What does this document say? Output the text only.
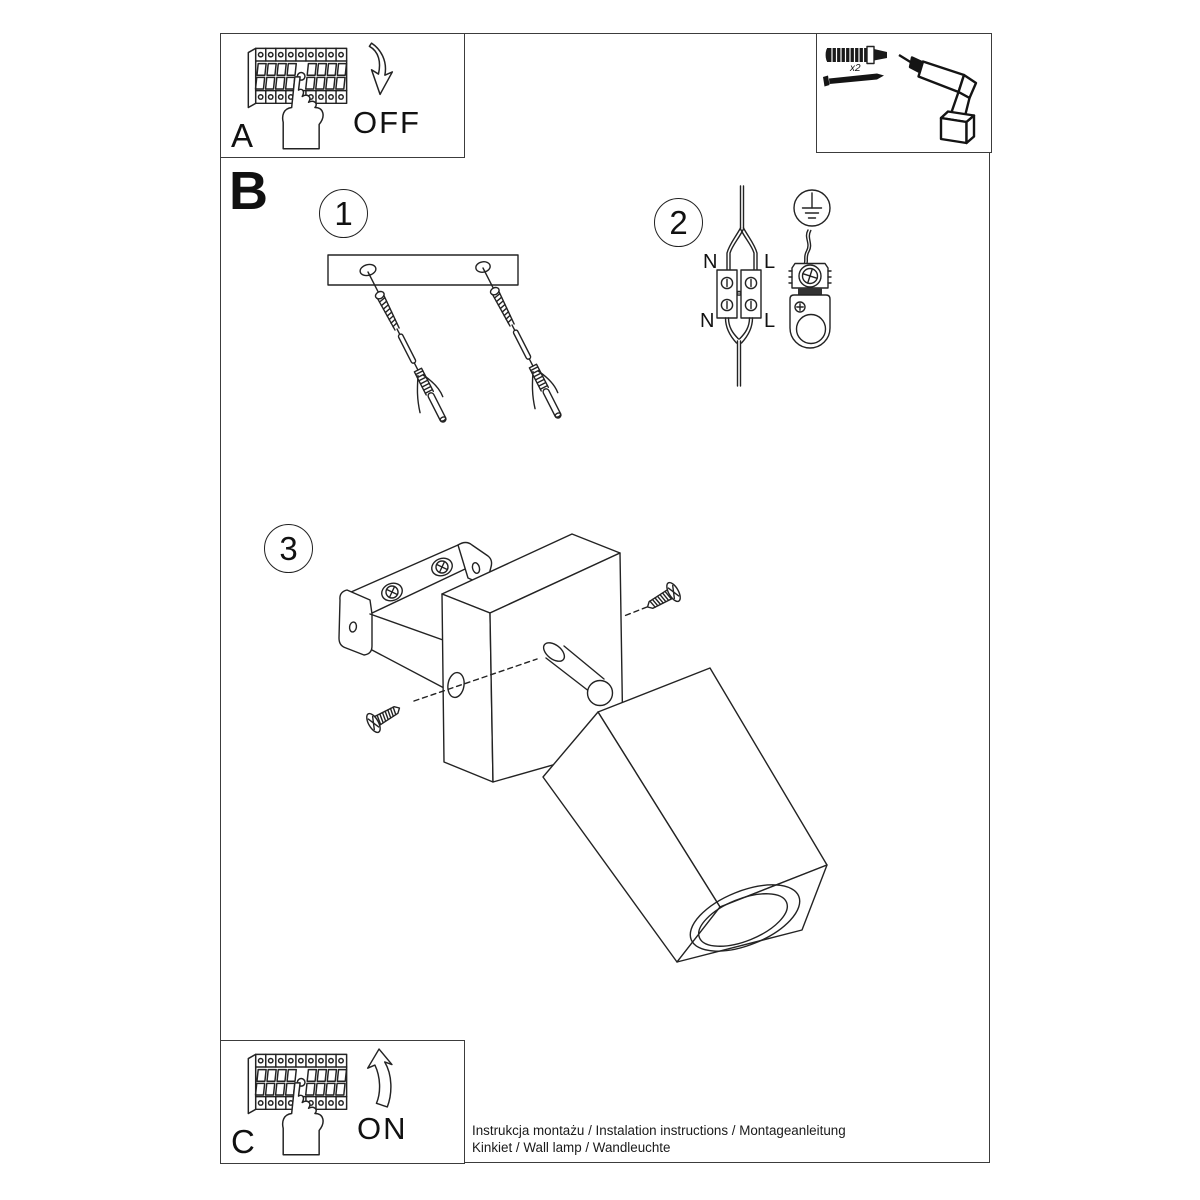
OFF
A
x2
B 1	2
N L
N L
3
ON
C	Instrukcja montażu / Instalation instructions / Montageanleitung
Kinkiet / Wall lamp / Wandleuchte
